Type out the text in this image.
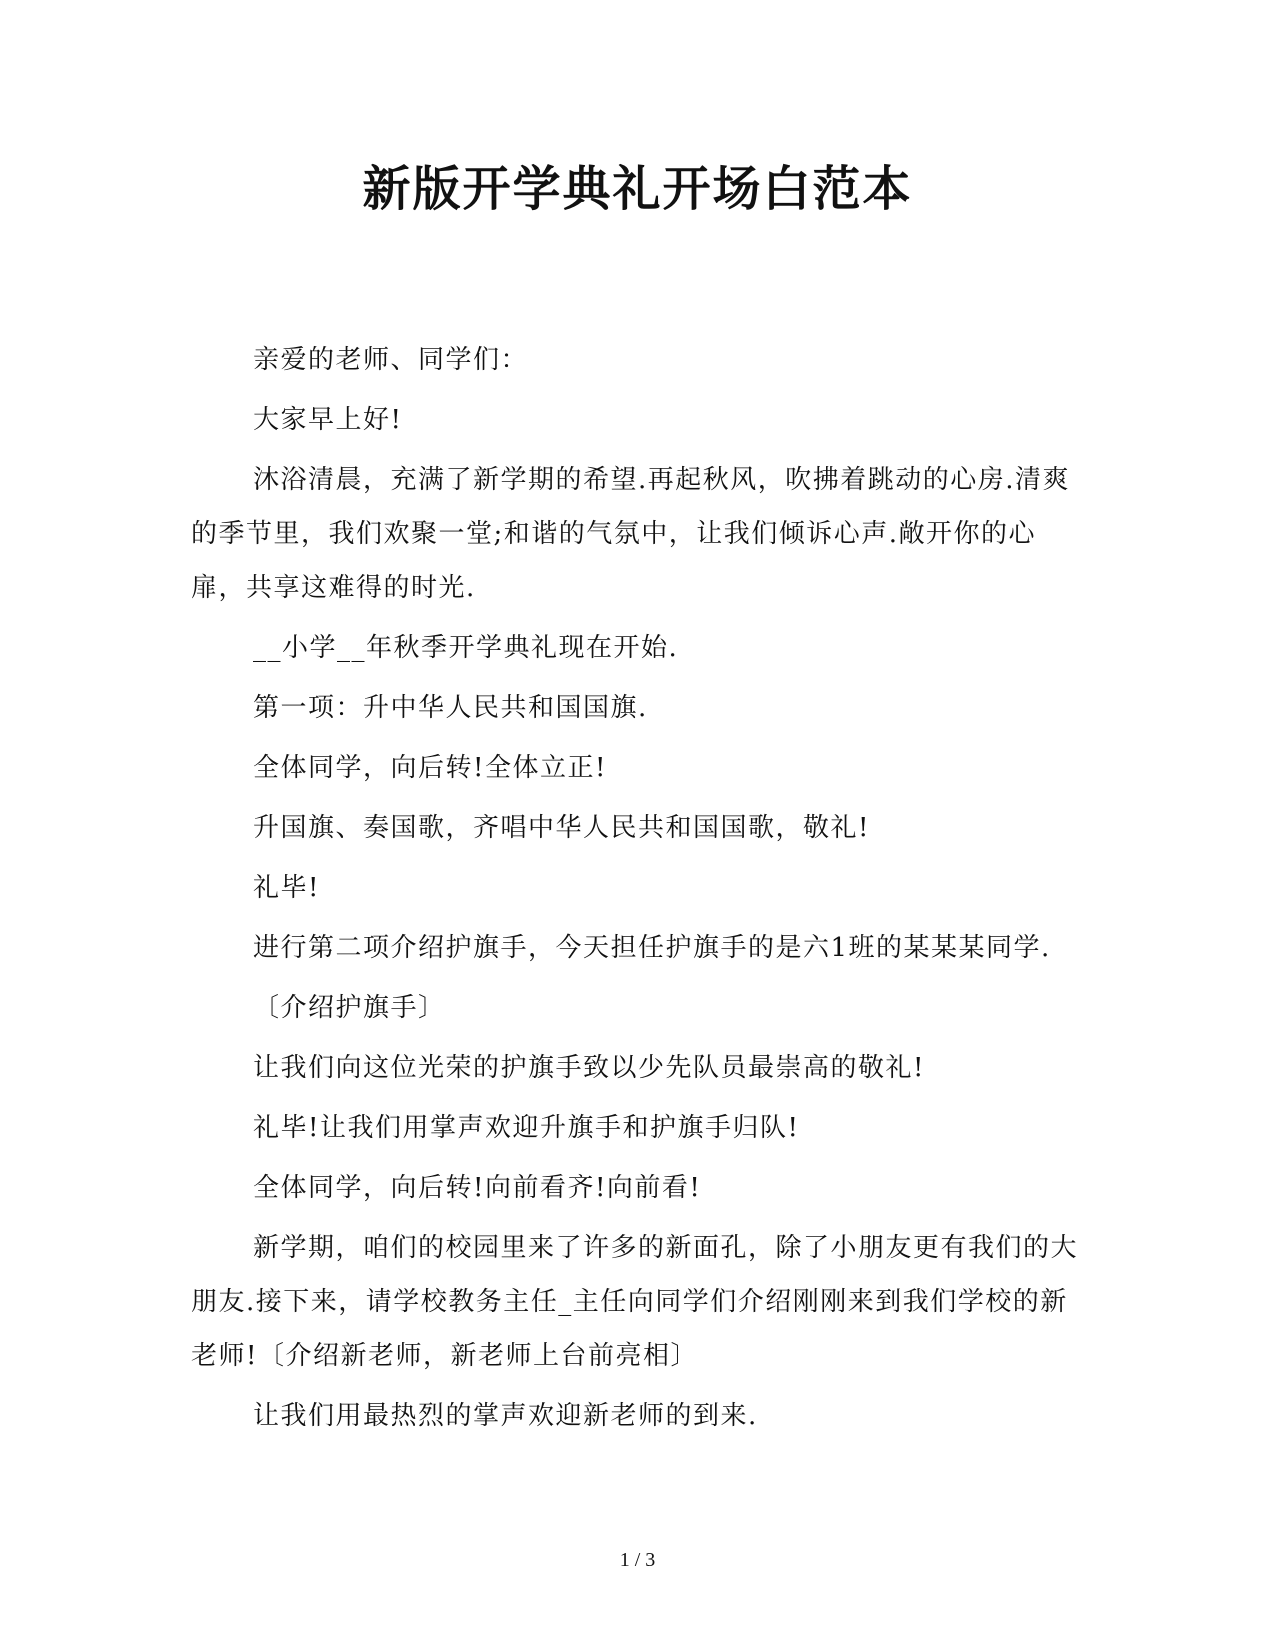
新版开学典礼开场白范本

亲爱的老师、同学们：

大家早上好!

沐浴清晨，充满了新学期的希望.再起秋风，吹拂着跳动的心房.清爽的季节里，我们欢聚一堂;和谐的气氛中，让我们倾诉心声.敞开你的心扉，共享这难得的时光.

__小学__年秋季开学典礼现在开始.

第一项：升中华人民共和国国旗.

全体同学，向后转!全体立正!

升国旗、奏国歌，齐唱中华人民共和国国歌，敬礼!

礼毕!

进行第二项介绍护旗手，今天担任护旗手的是六1班的某某某同学.

〔介绍护旗手〕

让我们向这位光荣的护旗手致以少先队员最崇高的敬礼!

礼毕!让我们用掌声欢迎升旗手和护旗手归队!

全体同学，向后转!向前看齐!向前看!

新学期，咱们的校园里来了许多的新面孔，除了小朋友更有我们的大朋友.接下来，请学校教务主任_主任向同学们介绍刚刚来到我们学校的新老师!〔介绍新老师，新老师上台前亮相〕

让我们用最热烈的掌声欢迎新老师的到来.

1 / 3
